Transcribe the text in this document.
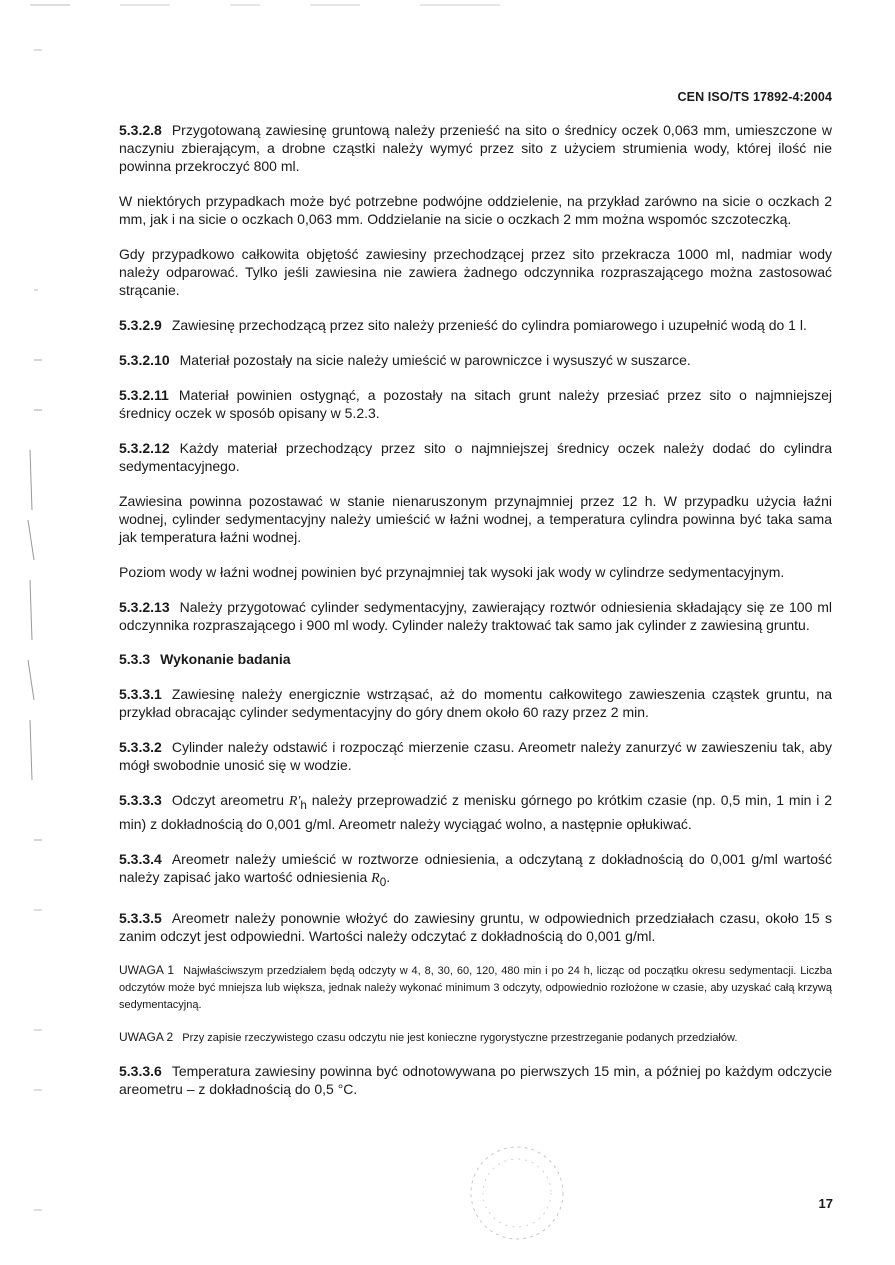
CEN ISO/TS 17892-4:2004

5.3.2.8 Przygotowaną zawiesinę gruntową należy przenieść na sito o średnicy oczek 0,063 mm, umieszczone w naczyniu zbierającym, a drobne cząstki należy wymyć przez sito z użyciem strumienia wody, której ilość nie powinna przekroczyć 800 ml.

W niektórych przypadkach może być potrzebne podwójne oddzielenie, na przykład zarówno na sicie o oczkach 2 mm, jak i na sicie o oczkach 0,063 mm. Oddzielanie na sicie o oczkach 2 mm można wspomóc szczoteczką.

Gdy przypadkowo całkowita objętość zawiesiny przechodzącej przez sito przekracza 1000 ml, nadmiar wody należy odparować. Tylko jeśli zawiesina nie zawiera żadnego odczynnika rozpraszającego można zastosować strącanie.

5.3.2.9 Zawiesinę przechodzącą przez sito należy przenieść do cylindra pomiarowego i uzupełnić wodą do 1 l.

5.3.2.10 Materiał pozostały na sicie należy umieścić w parowniczce i wysuszyć w suszarce.

5.3.2.11 Materiał powinien ostygnąć, a pozostały na sitach grunt należy przesiać przez sito o najmniejszej średnicy oczek w sposób opisany w 5.2.3.

5.3.2.12 Każdy materiał przechodzący przez sito o najmniejszej średnicy oczek należy dodać do cylindra sedymentacyjnego.

Zawiesina powinna pozostawać w stanie nienaruszonym przynajmniej przez 12 h. W przypadku użycia łaźni wodnej, cylinder sedymentacyjny należy umieścić w łaźni wodnej, a temperatura cylindra powinna być taka sama jak temperatura łaźni wodnej.

Poziom wody w łaźni wodnej powinien być przynajmniej tak wysoki jak wody w cylindrze sedymentacyjnym.

5.3.2.13 Należy przygotować cylinder sedymentacyjny, zawierający roztwór odniesienia składający się ze 100 ml odczynnika rozpraszającego i 900 ml wody. Cylinder należy traktować tak samo jak cylinder z zawiesiną gruntu.

5.3.3 Wykonanie badania

5.3.3.1 Zawiesinę należy energicznie wstrząsać, aż do momentu całkowitego zawieszenia cząstek gruntu, na przykład obracając cylinder sedymentacyjny do góry dnem około 60 razy przez 2 min.

5.3.3.2 Cylinder należy odstawić i rozpocząć mierzenie czasu. Areometr należy zanurzyć w zawieszeniu tak, aby mógł swobodnie unosić się w wodzie.

5.3.3.3 Odczyt areometru $R'_h$ należy przeprowadzić z menisku górnego po krótkim czasie (np. 0,5 min, 1 min i 2 min) z dokładnością do 0,001 g/ml. Areometr należy wyciągać wolno, a następnie opłukiwać.

5.3.3.4 Areometr należy umieścić w roztworze odniesienia, a odczytaną z dokładnością do 0,001 g/ml wartość należy zapisać jako wartość odniesienia $R_0$.

5.3.3.5 Areometr należy ponownie włożyć do zawiesiny gruntu, w odpowiednich przedziałach czasu, około 15 s zanim odczyt jest odpowiedni. Wartości należy odczytać z dokładnością do 0,001 g/ml.

UWAGA 1 Najwłaściwszym przedziałem będą odczyty w 4, 8, 30, 60, 120, 480 min i po 24 h, licząc od początku okresu sedymentacji. Liczba odczytów może być mniejsza lub większa, jednak należy wykonać minimum 3 odczyty, odpowiednio rozłożone w czasie, aby uzyskać całą krzywą sedymentacyjną.
UWAGA 2 Przy zapisie rzeczywistego czasu odczytu nie jest konieczne rygorystyczne przestrzeganie podanych przedziałów.

5.3.3.6 Temperatura zawiesiny powinna być odnotowywana po pierwszych 15 min, a później po każdym odczycie areometru – z dokładnością do 0,5 °C.

17
